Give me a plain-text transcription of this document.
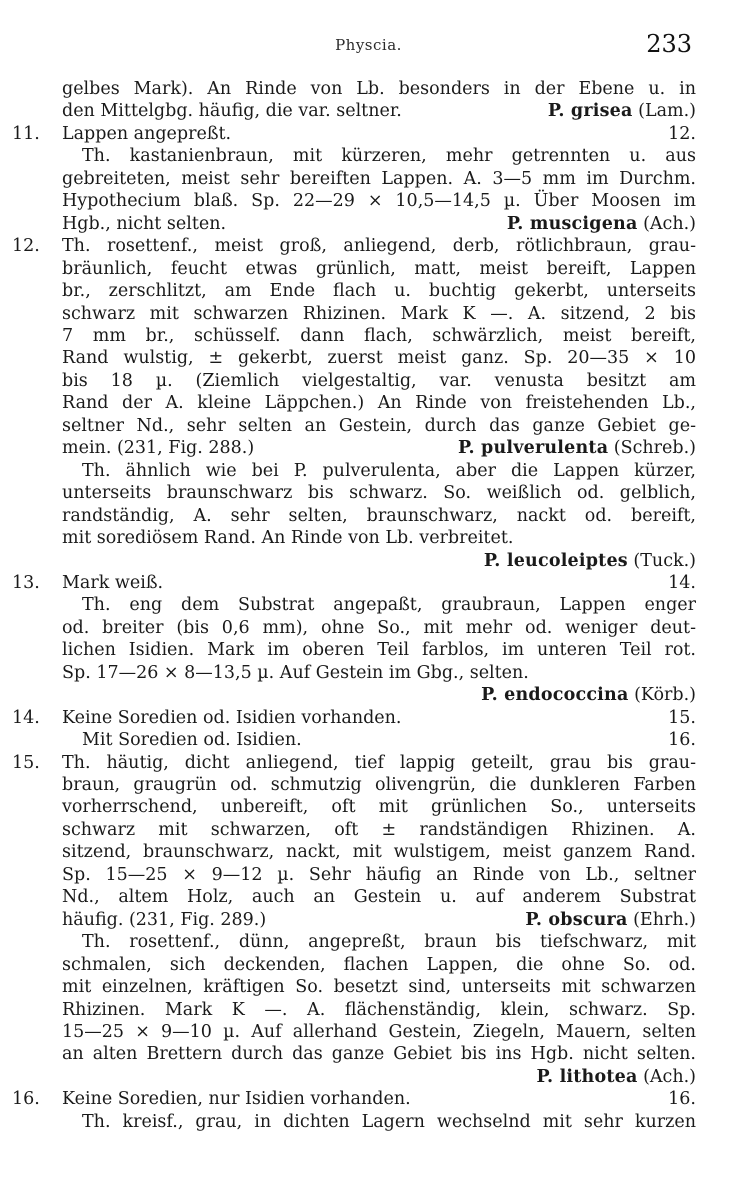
Physcia.	233
gelbes Mark). An Rinde von Lb. besonders in der Ebene u. in
den Mittelgbg. häufig, die var. seltner.	P. grisea (Lam.)
11.	Lappen angepreßt.	12.
Th. kastanienbraun, mit kürzeren, mehr getrennten u. aus
gebreiteten, meist sehr bereiften Lappen. A. 3—5 mm im Durchm.
Hypothecium blaß. Sp. 22—29 × 10,5—14,5 µ. Über Moosen im
Hgb., nicht selten.	P. muscigena (Ach.)
12.	Th. rosettenf., meist groß, anliegend, derb, rötlichbraun, grau-
bräunlich, feucht etwas grünlich, matt, meist bereift, Lappen
br., zerschlitzt, am Ende flach u. buchtig gekerbt, unterseits
schwarz mit schwarzen Rhizinen. Mark K —. A. sitzend, 2 bis
7 mm br., schüsself. dann flach, schwärzlich, meist bereift,
Rand wulstig, ± gekerbt, zuerst meist ganz. Sp. 20—35 × 10
bis 18 µ. (Ziemlich vielgestaltig, var. venusta besitzt am
Rand der A. kleine Läppchen.) An Rinde von freistehenden Lb.,
seltner Nd., sehr selten an Gestein, durch das ganze Gebiet ge-
mein. (231, Fig. 288.)	P. pulverulenta (Schreb.)
Th. ähnlich wie bei P. pulverulenta, aber die Lappen kürzer,
unterseits braunschwarz bis schwarz. So. weißlich od. gelblich,
randständig, A. sehr selten, braunschwarz, nackt od. bereift,
mit sorediösem Rand. An Rinde von Lb. verbreitet.
P. leucoleiptes (Tuck.)
13.	Mark weiß.	14.
Th. eng dem Substrat angepaßt, graubraun, Lappen enger
od. breiter (bis 0,6 mm), ohne So., mit mehr od. weniger deut-
lichen Isidien. Mark im oberen Teil farblos, im unteren Teil rot.
Sp. 17—26 × 8—13,5 µ. Auf Gestein im Gbg., selten.
P. endococcina (Körb.)
14.	Keine Soredien od. Isidien vorhanden.	15.
Mit Soredien od. Isidien.	16.
15.	Th. häutig, dicht anliegend, tief lappig geteilt, grau bis grau-
braun, graugrün od. schmutzig olivengrün, die dunkleren Farben
vorherrschend, unbereift, oft mit grünlichen So., unterseits
schwarz mit schwarzen, oft ± randständigen Rhizinen. A.
sitzend, braunschwarz, nackt, mit wulstigem, meist ganzem Rand.
Sp. 15—25 × 9—12 µ. Sehr häufig an Rinde von Lb., seltner
Nd., altem Holz, auch an Gestein u. auf anderem Substrat
häufig. (231, Fig. 289.)	P. obscura (Ehrh.)
Th. rosettenf., dünn, angepreßt, braun bis tiefschwarz, mit
schmalen, sich deckenden, flachen Lappen, die ohne So. od.
mit einzelnen, kräftigen So. besetzt sind, unterseits mit schwarzen
Rhizinen. Mark K —. A. flächenständig, klein, schwarz. Sp.
15—25 × 9—10 µ. Auf allerhand Gestein, Ziegeln, Mauern, selten
an alten Brettern durch das ganze Gebiet bis ins Hgb. nicht selten.
P. lithotea (Ach.)
16.	Keine Soredien, nur Isidien vorhanden.	16.
Th. kreisf., grau, in dichten Lagern wechselnd mit sehr kurzen
